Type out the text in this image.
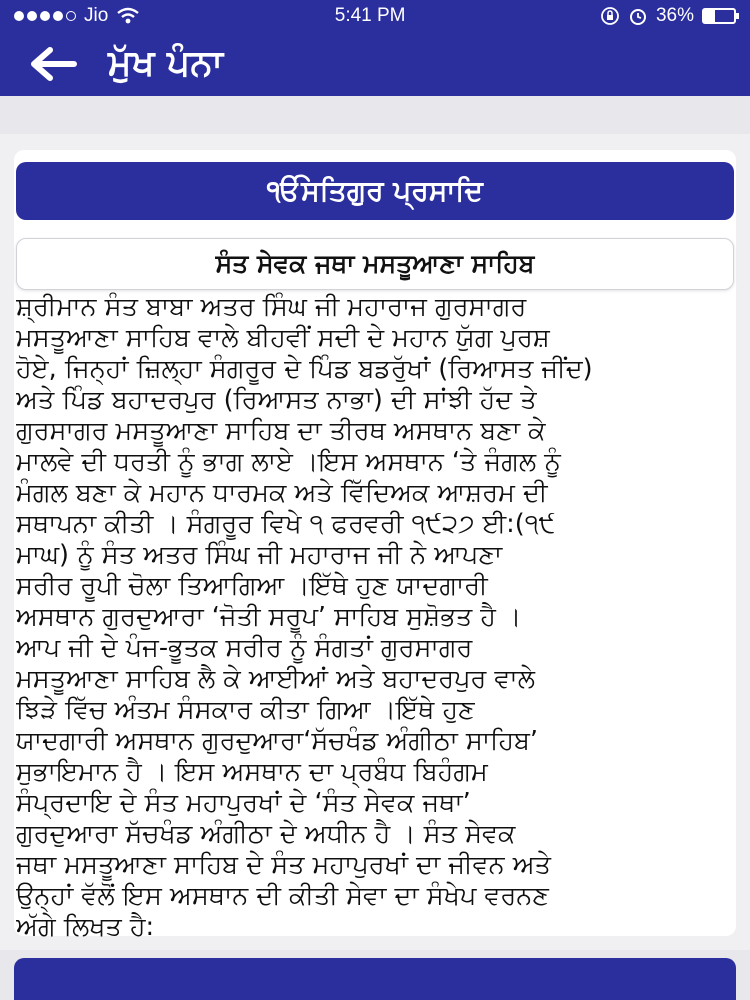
Jio	5:41 PM	36%
ਮੁੱਖ ਪੰਨਾ
ੴਸਤਿਗੁਰ ਪ੍ਰਸਾਦਿ
ਸੰਤ ਸੇਵਕ ਜਥਾ ਮਸਤੂਆਣਾ ਸਾਹਿਬ
ਸ਼੍ਰੀਮਾਨ ਸੰਤ ਬਾਬਾ ਅਤਰ ਸਿੰਘ ਜੀ ਮਹਾਰਾਜ ਗੁਰਸਾਗਰ
ਮਸਤੂਆਣਾ ਸਾਹਿਬ ਵਾਲੇ ਬੀਹਵੀਂ ਸਦੀ ਦੇ ਮਹਾਨ ਯੁੱਗ ਪੁਰਸ਼
ਹੋਏ, ਜਿਨ੍ਹਾਂ ਜ਼ਿਲ੍ਹਾ ਸੰਗਰੂਰ ਦੇ ਪਿੰਡ ਬਡਰੁੱਖਾਂ (ਰਿਆਸਤ ਜੀਂਦ)
ਅਤੇ ਪਿੰਡ ਬਹਾਦਰਪੁਰ (ਰਿਆਸਤ ਨਾਭਾ) ਦੀ ਸਾਂਝੀ ਹੱਦ ਤੇ
ਗੁਰਸਾਗਰ ਮਸਤੂਆਣਾ ਸਾਹਿਬ ਦਾ ਤੀਰਥ ਅਸਥਾਨ ਬਣਾ ਕੇ
ਮਾਲਵੇ ਦੀ ਧਰਤੀ ਨੂੰ ਭਾਗ ਲਾਏ ।ਇਸ ਅਸਥਾਨ ‘ਤੇ ਜੰਗਲ ਨੂੰ
ਮੰਗਲ ਬਣਾ ਕੇ ਮਹਾਨ ਧਾਰਮਕ ਅਤੇ ਵਿੱਦਿਅਕ ਆਸ਼ਰਮ ਦੀ
ਸਥਾਪਨਾ ਕੀਤੀ । ਸੰਗਰੂਰ ਵਿਖੇ ੧ ਫਰਵਰੀ ੧੯੨੭ ਈ:(੧੯
ਮਾਘ) ਨੂੰ ਸੰਤ ਅਤਰ ਸਿੰਘ ਜੀ ਮਹਾਰਾਜ ਜੀ ਨੇ ਆਪਣਾ
ਸਰੀਰ ਰੂਪੀ ਚੋਲਾ ਤਿਆਗਿਆ ।ਇੱਥੇ ਹੁਣ ਯਾਦਗਾਰੀ
ਅਸਥਾਨ ਗੁਰਦੁਆਰਾ ‘ਜੋਤੀ ਸਰੂਪ’ ਸਾਹਿਬ ਸੁਸ਼ੋਭਤ ਹੈ ।
ਆਪ ਜੀ ਦੇ ਪੰਜ-ਭੂਤਕ ਸਰੀਰ ਨੂੰ ਸੰਗਤਾਂ ਗੁਰਸਾਗਰ
ਮਸਤੂਆਣਾ ਸਾਹਿਬ ਲੈ ਕੇ ਆਈਆਂ ਅਤੇ ਬਹਾਦਰਪੁਰ ਵਾਲੇ
ਝਿੜੇ ਵਿੱਚ ਅੰਤਮ ਸੰਸਕਾਰ ਕੀਤਾ ਗਿਆ ।ਇੱਥੇ ਹੁਣ
ਯਾਦਗਾਰੀ ਅਸਥਾਨ ਗੁਰਦੁਆਰਾ‘ਸੱਚਖੰਡ ਅੰਗੀਠਾ ਸਾਹਿਬ’
ਸੁਭਾਇਮਾਨ ਹੈ । ਇਸ ਅਸਥਾਨ ਦਾ ਪ੍ਰਬੰਧ ਬਿਹੰਗਮ
ਸੰਪ੍ਰਦਾਇ ਦੇ ਸੰਤ ਮਹਾਪੁਰਖਾਂ ਦੇ ‘ਸੰਤ ਸੇਵਕ ਜਥਾ’
ਗੁਰਦੁਆਰਾ ਸੱਚਖੰਡ ਅੰਗੀਠਾ ਦੇ ਅਧੀਨ ਹੈ । ਸੰਤ ਸੇਵਕ
ਜਥਾ ਮਸਤੂਆਣਾ ਸਾਹਿਬ ਦੇ ਸੰਤ ਮਹਾਪੁਰਖਾਂ ਦਾ ਜੀਵਨ ਅਤੇ
ਉਨ੍ਹਾਂ ਵੱਲੋਂ ਇਸ ਅਸਥਾਨ ਦੀ ਕੀਤੀ ਸੇਵਾ ਦਾ ਸੰਖੇਪ ਵਰਨਣ
ਅੱਗੇ ਲਿਖਤ ਹੈ:
